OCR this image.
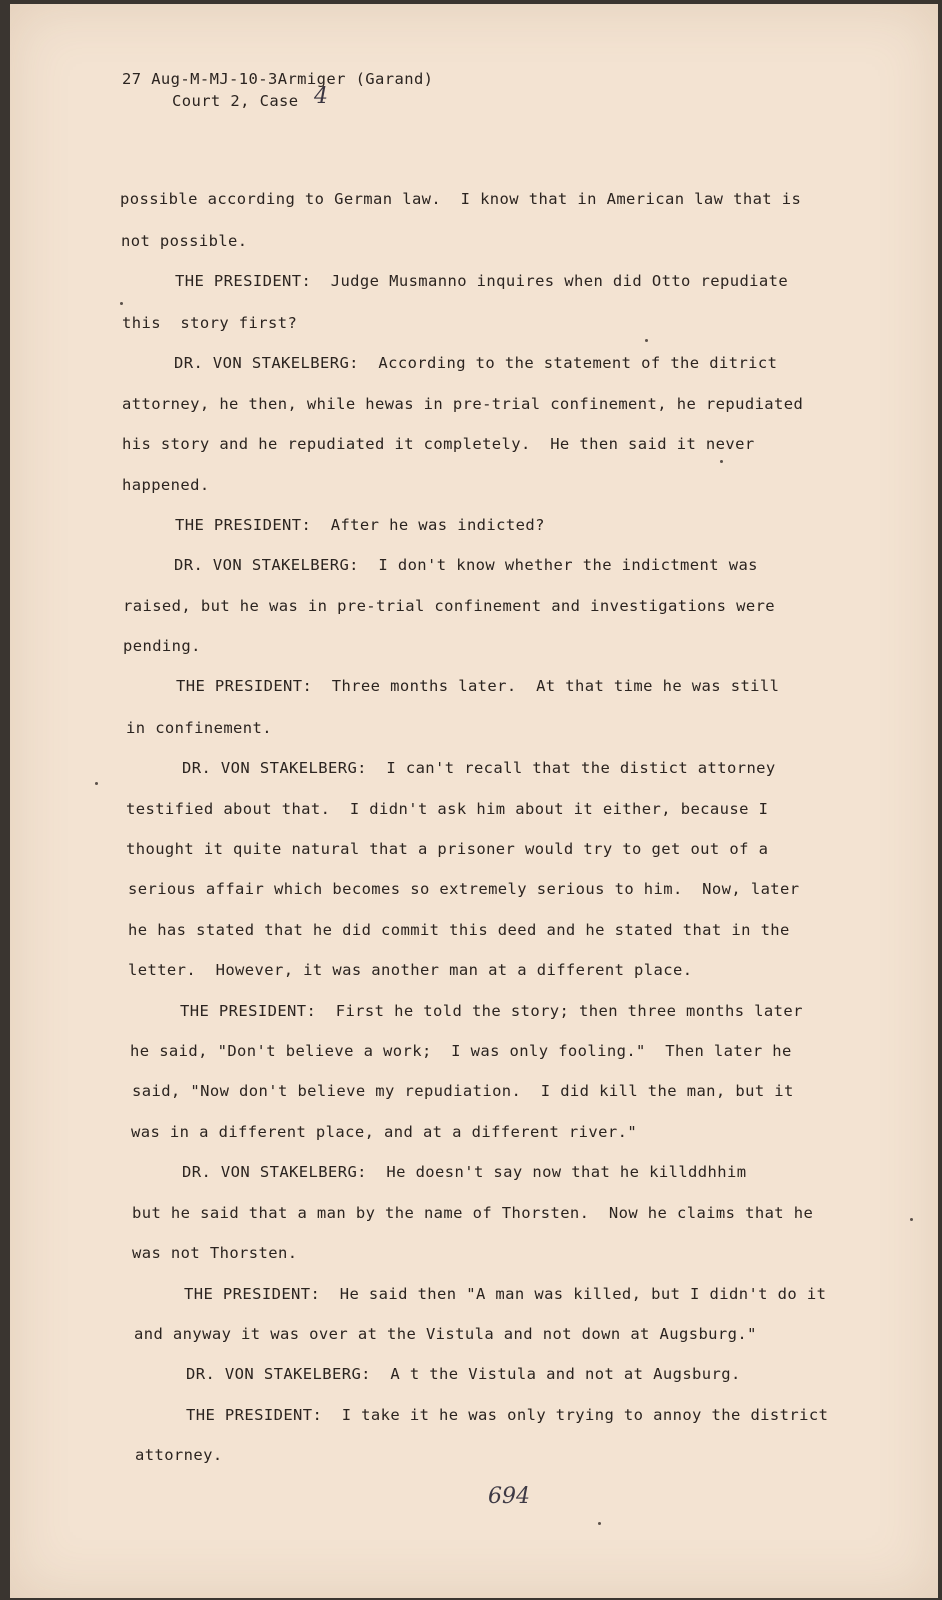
27 Aug-M-MJ-10-3Armiger (Garand)
Court 2, Case 4
possible according to German law.  I know that in American law that is
not possible.
THE PRESIDENT:  Judge Musmanno inquires when did Otto repudiate
this  story first?
DR. VON STAKELBERG:  According to the statement of the ditrict
attorney, he then, while hewas in pre-trial confinement, he repudiated
his story and he repudiated it completely.  He then said it never
happened.
THE PRESIDENT:  After he was indicted?
DR. VON STAKELBERG:  I don't know whether the indictment was
raised, but he was in pre-trial confinement and investigations were
pending.
THE PRESIDENT:  Three months later.  At that time he was still
in confinement.
DR. VON STAKELBERG:  I can't recall that the distict attorney
testified about that.  I didn't ask him about it either, because I
thought it quite natural that a prisoner would try to get out of a
serious affair which becomes so extremely serious to him.  Now, later
he has stated that he did commit this deed and he stated that in the
letter.  However, it was another man at a different place.
THE PRESIDENT:  First he told the story; then three months later
he said, "Don't believe a work;  I was only fooling."  Then later he
said, "Now don't believe my repudiation.  I did kill the man, but it
was in a different place, and at a different river."
DR. VON STAKELBERG:  He doesn't say now that he killddhhim
but he said that a man by the name of Thorsten.  Now he claims that he
was not Thorsten.
THE PRESIDENT:  He said then "A man was killed, but I didn't do it
and anyway it was over at the Vistula and not down at Augsburg."
DR. VON STAKELBERG:  A t the Vistula and not at Augsburg.
THE PRESIDENT:  I take it he was only trying to annoy the district
attorney.
694
